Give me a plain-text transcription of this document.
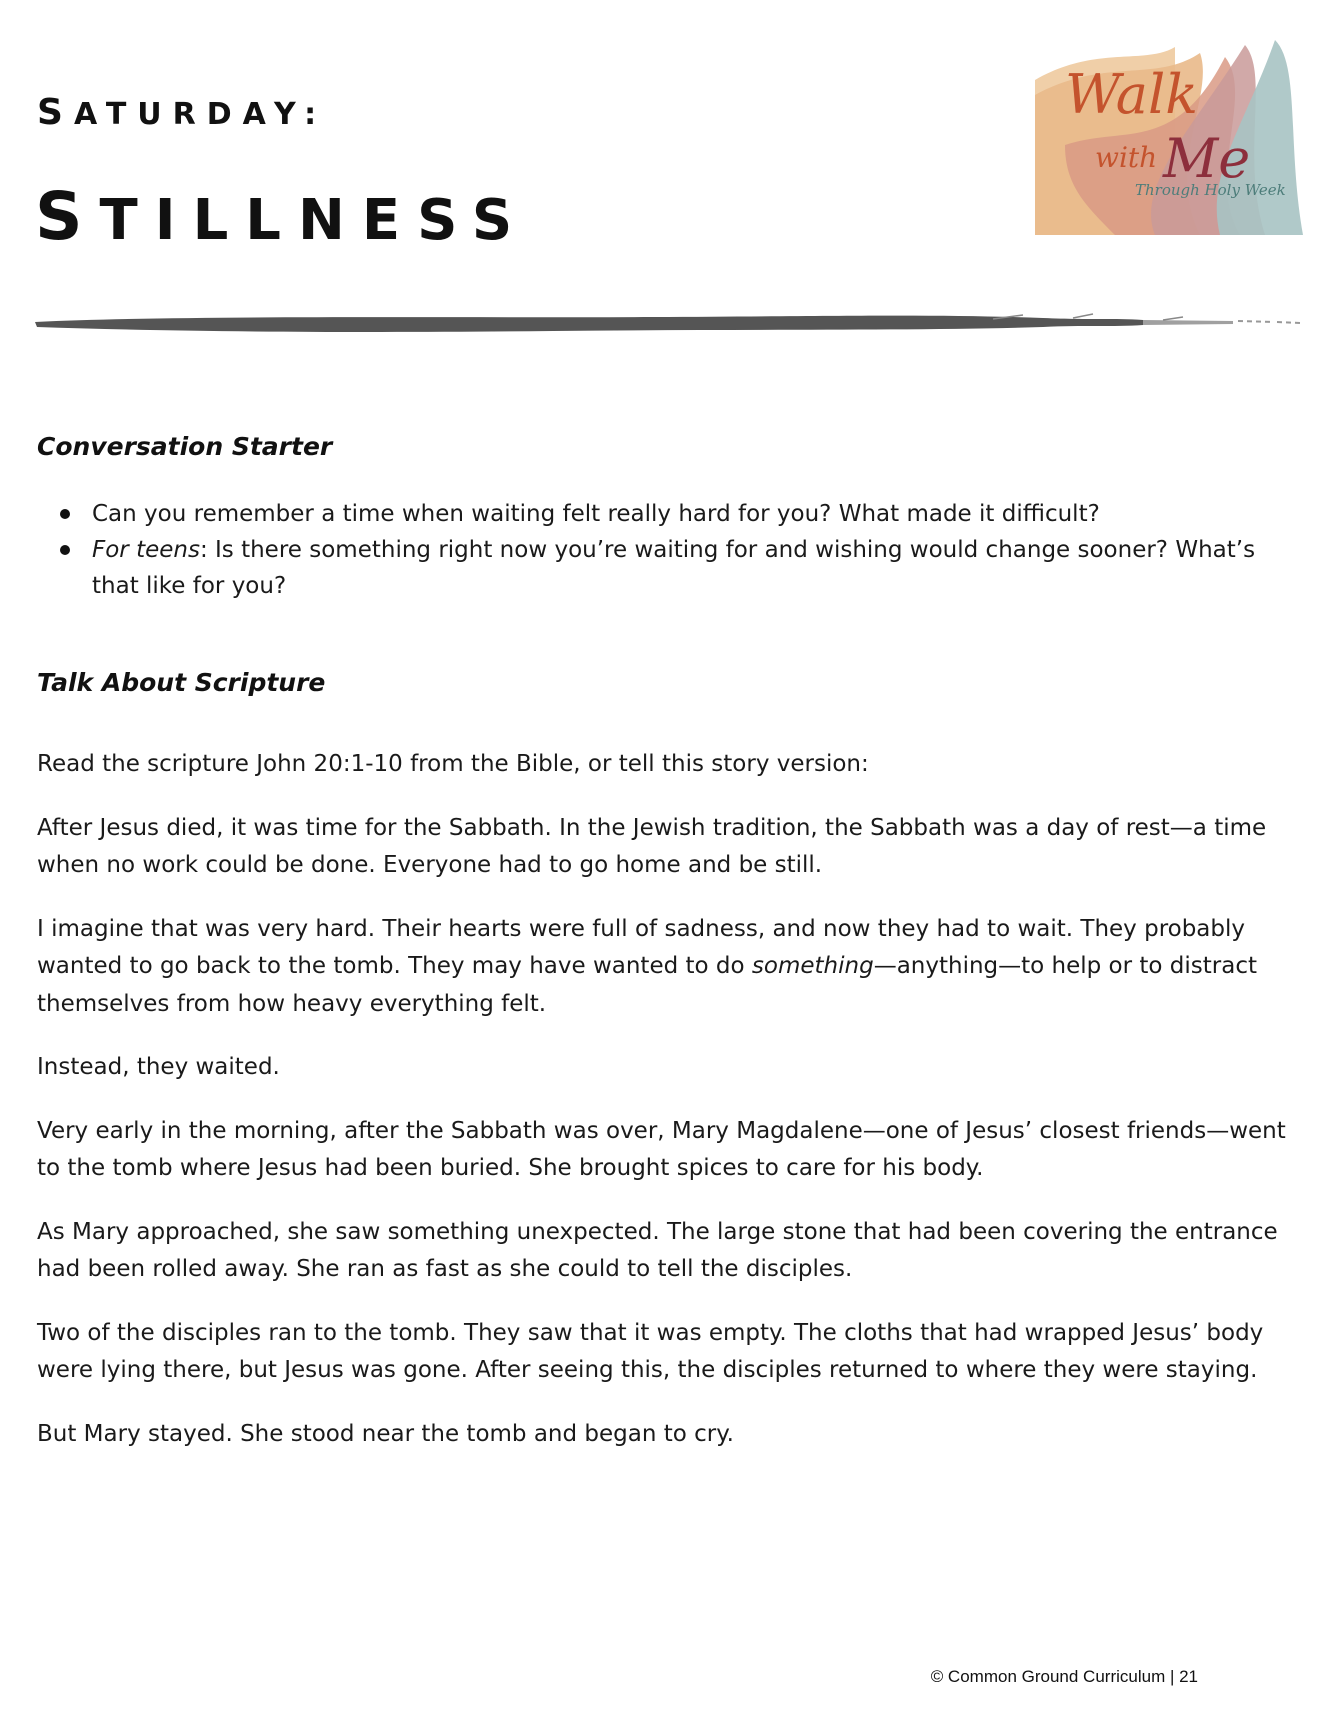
SATURDAY:
STILLNESS
Walk
with Me
Through Holy Week
Conversation Starter
Can you remember a time when waiting felt really hard for you? What made it difficult?
For teens: Is there something right now you’re waiting for and wishing would change sooner? What’s that like for you?
Talk About Scripture

Read the scripture John 20:1-10 from the Bible, or tell this story version:

After Jesus died, it was time for the Sabbath. In the Jewish tradition, the Sabbath was a day of rest—a time when no work could be done. Everyone had to go home and be still.

I imagine that was very hard. Their hearts were full of sadness, and now they had to wait. They probably wanted to go back to the tomb. They may have wanted to do something—anything—to help or to distract themselves from how heavy everything felt.

Instead, they waited.

Very early in the morning, after the Sabbath was over, Mary Magdalene—one of Jesus’ closest friends—went to the tomb where Jesus had been buried. She brought spices to care for his body.

As Mary approached, she saw something unexpected. The large stone that had been covering the entrance had been rolled away. She ran as fast as she could to tell the disciples.

Two of the disciples ran to the tomb. They saw that it was empty. The cloths that had wrapped Jesus’ body were lying there, but Jesus was gone. After seeing this, the disciples returned to where they were staying.

But Mary stayed. She stood near the tomb and began to cry.

© Common Ground Curriculum | 21
